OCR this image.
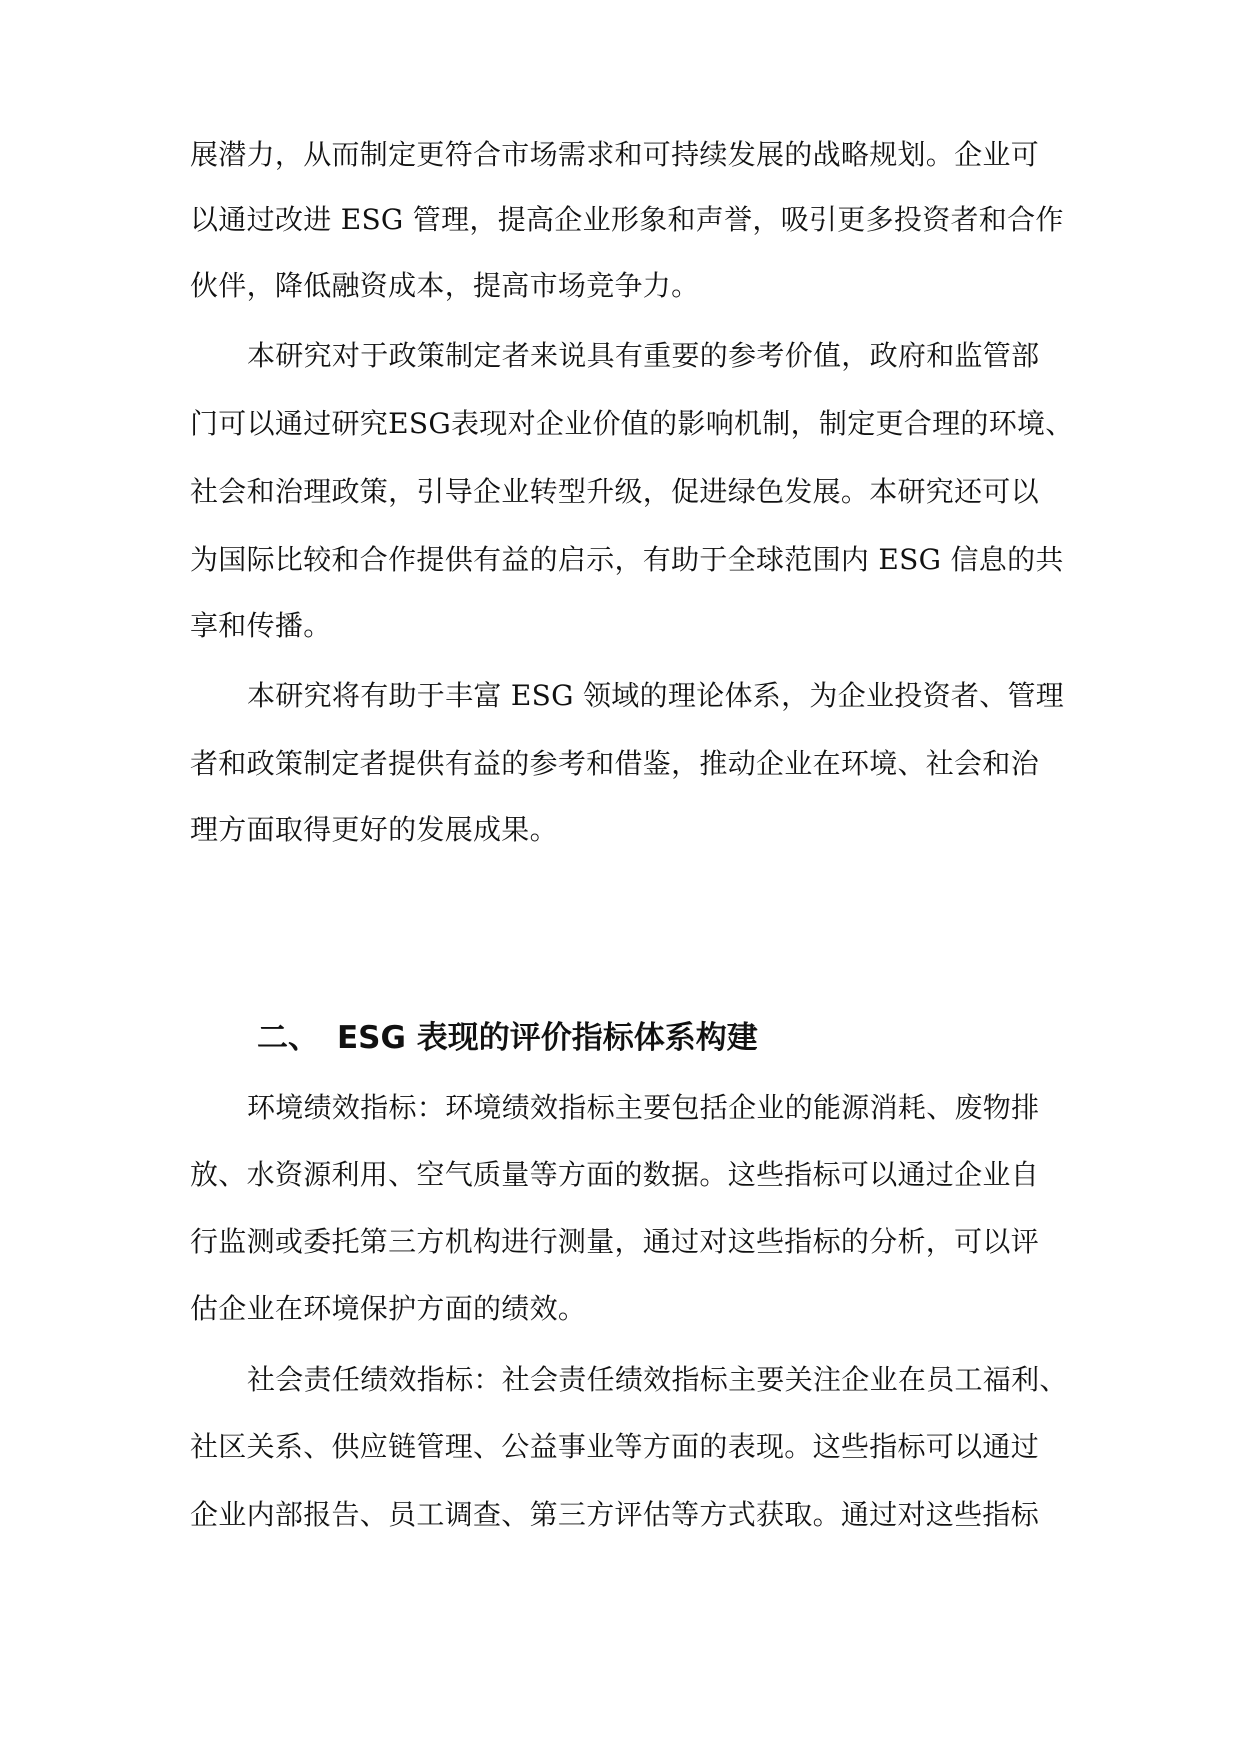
展潜力，从而制定更符合市场需求和可持续发展的战略规划。企业可
以通过改进 ESG 管理，提高企业形象和声誉，吸引更多投资者和合作
伙伴，降低融资成本，提高市场竞争力。
本研究对于政策制定者来说具有重要的参考价值，政府和监管部
门可以通过研究ESG表现对企业价值的影响机制，制定更合理的环境、
社会和治理政策，引导企业转型升级，促进绿色发展。本研究还可以
为国际比较和合作提供有益的启示，有助于全球范围内 ESG 信息的共
享和传播。
本研究将有助于丰富 ESG 领域的理论体系，为企业投资者、管理
者和政策制定者提供有益的参考和借鉴，推动企业在环境、社会和治
理方面取得更好的发展成果。
二、 ESG 表现的评价指标体系构建
环境绩效指标：环境绩效指标主要包括企业的能源消耗、废物排
放、水资源利用、空气质量等方面的数据。这些指标可以通过企业自
行监测或委托第三方机构进行测量，通过对这些指标的分析，可以评
估企业在环境保护方面的绩效。
社会责任绩效指标：社会责任绩效指标主要关注企业在员工福利、
社区关系、供应链管理、公益事业等方面的表现。这些指标可以通过
企业内部报告、员工调查、第三方评估等方式获取。通过对这些指标
